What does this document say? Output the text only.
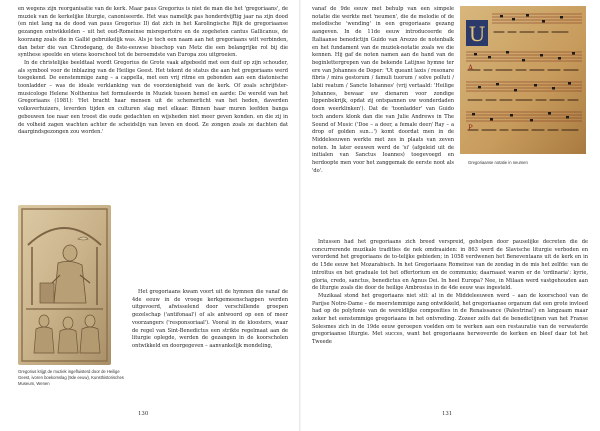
en wegens zijn reorganisatie van de kerk. Maar paus Gregorius is niet de man die het 'gregoriaans', de muziek van de kerkelijke liturgie, canoniseerde. Het was namelijk pas honderdvijftig jaar na zijn dood (en niet lang na de dood van paus Gregorius II) dat zich in het Karolingische Rijk de gregoriaanse gezangen ontwikkelden – uit het oud-Romeinse misrepertoire en de zogeheten cantus Gallicanus, de koorzang zoals die in Gallië gebruikelijk was. Als je toch een naam aan het gregoriaans wilt verbinden, dan beter die van Chrodegang, de 8ste-eeuwse bisschop van Metz die een belangrijke rol bij die synthese speelde en wiens koorschool tot de beroemdste van Europa zou uitgroeien.

In de christelijke beeldtaal wordt Gregorius de Grote vaak afgebeeld met een duif op zijn schouder, als symbool voor de inblazing van de Heilige Geest. Het tekent de status die aan het gregoriaans werd toegekend. De eenstemmige zang – a cappella, met een vrij ritme en gebonden aan een diatonische toonladder – was de ideale verklanking van de voorzienigheid van de kerk. Of zoals schrijfster-musicologe Helene Nolthenius het formuleerde in Muziek tussen hemel en aarde: De wereld van het Gregoriaans (1981): 'Het bracht haar mensen uit de schemerlicht van het heden, daverden volksverhuizers, leverden tijden en culturen slag met elkaar. Binnen haar muren leefden banga gebouwen toe naar een troost die oude gedachten en wijsheden niet meer geven konden. en die zij in de volheid zagen wachten achter de scheidslijn van leven en dood. Ze zongen zoals ze dachten dat daargindsgezongen zou worden.'

Gregorius krijgt de muziek ingefluisterd door de Heilige Geest, ivoren boekomslag (9de eeuw), Kunsthistorisches Museum, Wenen

Het gregoriaans kwam voort uit de hymnen die vanaf de 4de eeuw in de vroege kerkgemeenschappen werden uitgevoerd, afwisselend door verschillende groepen gezelschap ('antifonaal') of als antwoord op een of meer voorzangers ('responsoriaal'). Vooral in de kloosters, waar de regel van Sint-Benedictus een strikte regelmaat aan de liturgie oplegde, werden de gezangen in de koorscholen ontwikkeld en doorgegeven – aanvankelijk mondeling,

130

vanaf de 9de eeuw met behulp van een simpele notatie die werkte met 'neumen', die de melodie of de melodische 'wending' in een gregoriaans gezang aangeven. In de 11de eeuw introduceerde de Italiaanse benedictijn Guido van Arezzo de notenbalk en het fundament van de muziek-notatie zoals we die kennen. Hij gaf de noten namen aan de hand van de beginlettergrepen van de bekende Latijnse hymne ter ere van Johannes de Doper: 'Ut queant laxis / resonare fibris / mira gestorum / famuli tuorum / solve polluti / labii reatum / Sancte Iohannes' (vrij vertaald: 'Heilige Johannes, bewaar uw dienaren voor zondige lippenbekrijk, opdat zij ontspannen uw wonderdaden doen weerklinken'). Dat de 'toonladder' van Guido toch anders klonk dan die van Julie Andrews in The Sound of Music ('Doe – a deer, a female deer/ Ray – a drop of golden sun...') komt doordat men in de Middeleeuwen werkte met zes in plaats van zeven noten. In later eeuwen werd de 'si' (afgeleid uit de initialen van Sanctus Ioannes) toegevoegd en herdoopte men voor het zanggemak de eerste noot als 'do'.

U
A
P
Gregoriaanse notatie in neumen

Intussen had het gregoriaans zich breed verspreid, geholpen door pauselijke decreten die de concurrerende muzikale tradities de nek omdraaiden: in 863 werd de Slavische liturgie verboden en verordend het gregoriaans de to-telijke gebieden; in 1058 verdwenen het Beneventaans uit de kerk en in de 15de eeuw het Mozarabisch. In het Gregoriaans Romeinse van de zondag in de mis het zelfde: van de introïtus en het graduale tot het offertorium en de communio; daarnaast waren er de 'ordinaria': kyrie, gloria, credo, sanctus, benedictus en Agnus Dei. In heel Europa? Nee, in Milaan werd vastgehouden aan de liturgie zoals die door de heilige Ambrosius in de 4de eeuw was ingesteld.

Muzikaal stond het gregoriaans niet stil: al in de Middeleeuwen werd – aan de koorschool van de Parijse Notre-Dame – de meerstemmige zang ontwikkeld, het gregoriaanse organum dat een grote invloed had op de polyfonie van de wereldlijke composities in de Renaissance (Palestrina!) en langzaam maar zeker het eenstemmige gregoriaans in het ontvreding. Zozeer zelfs dat de benedictijnen van het Franse Solesmes zich in de 19de eeuw geroepen voelden om te werken aan een restauratie van de verwaterde gregoriaanse liturgie. Met succes, want het gregoriaans herwoverde de kerken en bleef daar tot het Tweede

131
